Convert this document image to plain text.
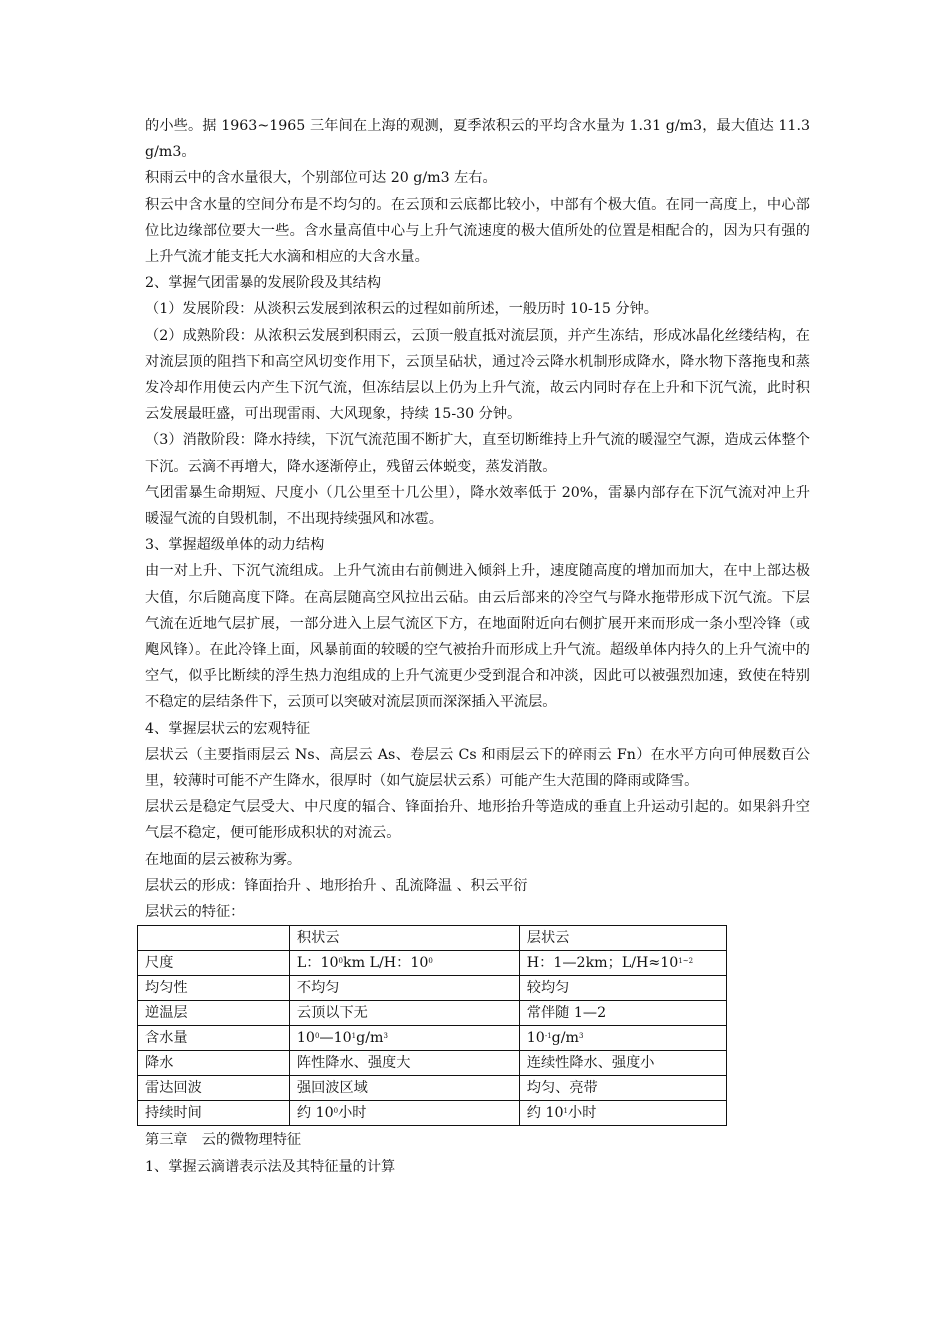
的小些。据 1963~1965 三年间在上海的观测，夏季浓积云的平均含水量为 1.31 g/m3，最大值达 11.3 g/m3。

积雨云中的含水量很大，个别部位可达 20 g/m3 左右。

积云中含水量的空间分布是不均匀的。在云顶和云底都比较小，中部有个极大值。在同一高度上，中心部位比边缘部位要大一些。含水量高值中心与上升气流速度的极大值所处的位置是相配合的，因为只有强的上升气流才能支托大水滴和相应的大含水量。

2、掌握气团雷暴的发展阶段及其结构

（1）发展阶段：从淡积云发展到浓积云的过程如前所述，一般历时 10-15 分钟。

（2）成熟阶段：从浓积云发展到积雨云，云顶一般直抵对流层顶，并产生冻结，形成冰晶化丝缕结构，在对流层顶的阻挡下和高空风切变作用下，云顶呈砧状，通过冷云降水机制形成降水，降水物下落拖曳和蒸发冷却作用使云内产生下沉气流，但冻结层以上仍为上升气流，故云内同时存在上升和下沉气流，此时积云发展最旺盛，可出现雷雨、大风现象，持续 15-30 分钟。

（3）消散阶段：降水持续，下沉气流范围不断扩大，直至切断维持上升气流的暖湿空气源，造成云体整个下沉。云滴不再增大，降水逐渐停止，残留云体蜕变，蒸发消散。

气团雷暴生命期短、尺度小（几公里至十几公里），降水效率低于 20%，雷暴内部存在下沉气流对冲上升暖湿气流的自毁机制，不出现持续强风和冰雹。

3、掌握超级单体的动力结构

由一对上升、下沉气流组成。上升气流由右前侧进入倾斜上升，速度随高度的增加而加大，在中上部达极大值，尔后随高度下降。在高层随高空风拉出云砧。由云后部来的冷空气与降水拖带形成下沉气流。下层气流在近地气层扩展，一部分进入上层气流区下方，在地面附近向右侧扩展开来而形成一条小型冷锋（或飑风锋）。在此冷锋上面，风暴前面的较暖的空气被抬升而形成上升气流。超级单体内持久的上升气流中的空气，似乎比断续的浮生热力泡组成的上升气流更少受到混合和冲淡，因此可以被强烈加速，致使在特别不稳定的层结条件下，云顶可以突破对流层顶而深深插入平流层。

4、掌握层状云的宏观特征

层状云（主要指雨层云 Ns、高层云 As、卷层云 Cs 和雨层云下的碎雨云 Fn）在水平方向可伸展数百公里，较薄时可能不产生降水，很厚时（如气旋层状云系）可能产生大范围的降雨或降雪。

层状云是稳定气层受大、中尺度的辐合、锋面抬升、地形抬升等造成的垂直上升运动引起的。如果斜升空气层不稳定，便可能形成积状的对流云。

在地面的层云被称为雾。

层状云的形成：锋面抬升 、地形抬升 、乱流降温 、积云平衍

层状云的特征：

	积状云	层状云
尺度	L：$10^0km$ L/H：$10^0$	H：1—2km；$L/H\approx 10^{1\sim 2}$
均匀性	不均匀	较均匀
逆温层	云顶以下无	常伴随 1—2
含水量	$10^0—10^1g/m^3$	$10^{-1}g/m^3$
降水	阵性降水、强度大	连续性降水、强度小
雷达回波	强回波区域	均匀、亮带
持续时间	约 $10^0$小时	约 $10^1$小时

第三章　云的微物理特征

1、掌握云滴谱表示法及其特征量的计算
